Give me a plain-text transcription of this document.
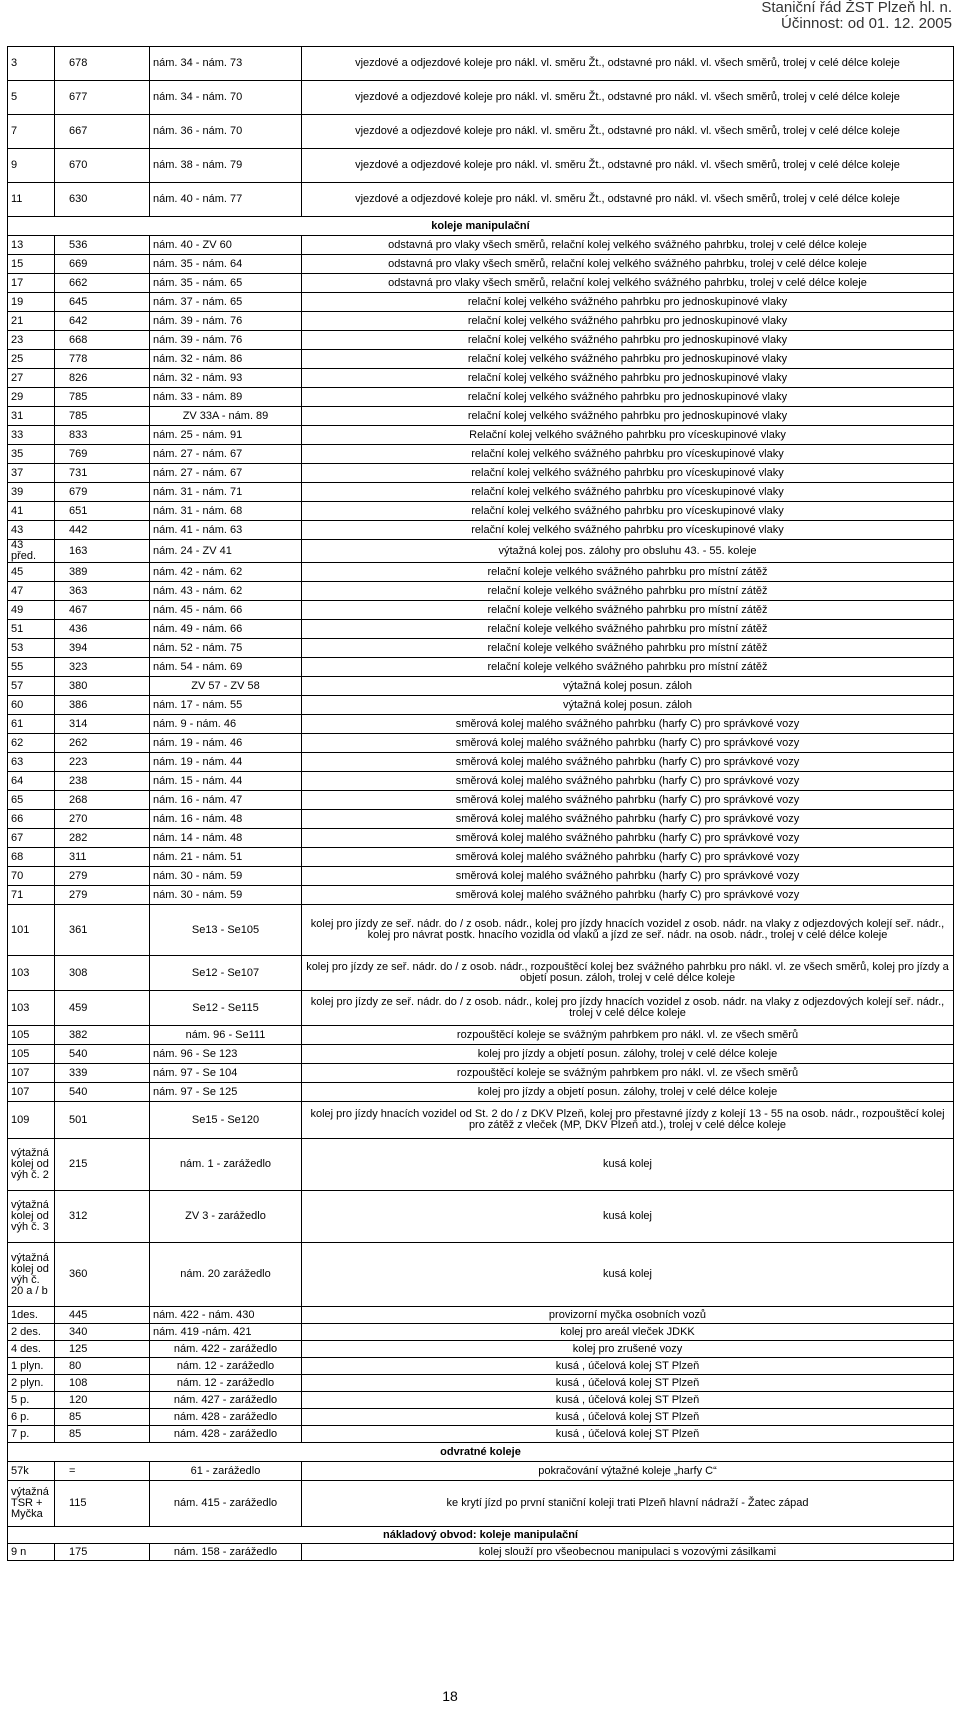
Staniční řád ŽST Plzeň hl. n.
Účinnost: od 01. 12. 2005
3	678	nám. 34 - nám. 73	vjezdové a odjezdové koleje pro nákl. vl. směru Žt., odstavné pro nákl. vl. všech směrů, trolej v celé délce koleje
5	677	nám. 34 - nám. 70	vjezdové a odjezdové koleje pro nákl. vl. směru Žt., odstavné pro nákl. vl. všech směrů, trolej v celé délce koleje
7	667	nám. 36 - nám. 70	vjezdové a odjezdové koleje pro nákl. vl. směru Žt., odstavné pro nákl. vl. všech směrů, trolej v celé délce koleje
9	670	nám. 38 - nám. 79	vjezdové a odjezdové koleje pro nákl. vl. směru Žt., odstavné pro nákl. vl. všech směrů, trolej v celé délce koleje
11	630	nám. 40 - nám. 77	vjezdové a odjezdové koleje pro nákl. vl. směru Žt., odstavné pro nákl. vl. všech směrů, trolej v celé délce koleje
koleje manipulační			
13	536	nám. 40 - ZV 60	odstavná pro vlaky všech směrů, relační kolej velkého svážného pahrbku, trolej v celé délce koleje
15	669	nám. 35 - nám. 64	odstavná pro vlaky všech směrů, relační kolej velkého svážného pahrbku, trolej v celé délce koleje
17	662	nám. 35 - nám. 65	odstavná pro vlaky všech směrů, relační kolej velkého svážného pahrbku, trolej v celé délce koleje
19	645	nám. 37 - nám. 65	relační kolej velkého svážného pahrbku pro jednoskupinové vlaky
21	642	nám. 39 - nám. 76	relační kolej velkého svážného pahrbku pro jednoskupinové vlaky
23	668	nám. 39 - nám. 76	relační kolej velkého svážného pahrbku pro jednoskupinové vlaky
25	778	nám. 32 - nám. 86	relační kolej velkého svážného pahrbku pro jednoskupinové vlaky
27	826	nám. 32 - nám. 93	relační kolej velkého svážného pahrbku pro jednoskupinové vlaky
29	785	nám. 33 - nám. 89	relační kolej velkého svážného pahrbku pro jednoskupinové vlaky
31	785	ZV 33A - nám. 89	relační kolej velkého svážného pahrbku pro jednoskupinové vlaky
33	833	nám. 25 - nám. 91	Relační kolej velkého svážného pahrbku pro víceskupinové vlaky
35	769	nám. 27 - nám. 67	relační kolej velkého svážného pahrbku pro víceskupinové vlaky
37	731	nám. 27 - nám. 67	relační kolej velkého svážného pahrbku pro víceskupinové vlaky
39	679	nám. 31 - nám. 71	relační kolej velkého svážného pahrbku pro víceskupinové vlaky
41	651	nám. 31 - nám. 68	relační kolej velkého svážného pahrbku pro víceskupinové vlaky
43	442	nám. 41 - nám. 63	relační kolej velkého svážného pahrbku pro víceskupinové vlaky
43 před.	163	nám. 24 - ZV 41	výtažná kolej pos. zálohy pro obsluhu 43. - 55. koleje
45	389	nám. 42 - nám. 62	relační koleje velkého svážného pahrbku pro místní zátěž
47	363	nám. 43 - nám. 62	relační koleje velkého svážného pahrbku pro místní zátěž
49	467	nám. 45 - nám. 66	relační koleje velkého svážného pahrbku pro místní zátěž
51	436	nám. 49 - nám. 66	relační koleje velkého svážného pahrbku pro místní zátěž
53	394	nám. 52 - nám. 75	relační koleje velkého svážného pahrbku pro místní zátěž
55	323	nám. 54 - nám. 69	relační koleje velkého svážného pahrbku pro místní zátěž
57	380	ZV 57 - ZV 58	výtažná kolej posun. záloh
60	386	nám. 17 - nám. 55	výtažná kolej posun. záloh
61	314	nám. 9 - nám. 46	směrová kolej malého svážného pahrbku (harfy C) pro správkové vozy
62	262	nám. 19 - nám. 46	směrová kolej malého svážného pahrbku (harfy C) pro správkové vozy
63	223	nám. 19 - nám. 44	směrová kolej malého svážného pahrbku (harfy C) pro správkové vozy
64	238	nám. 15 - nám. 44	směrová kolej malého svážného pahrbku (harfy C) pro správkové vozy
65	268	nám. 16 - nám. 47	směrová kolej malého svážného pahrbku (harfy C) pro správkové vozy
66	270	nám. 16 - nám. 48	směrová kolej malého svážného pahrbku (harfy C) pro správkové vozy
67	282	nám. 14 - nám. 48	směrová kolej malého svážného pahrbku (harfy C) pro správkové vozy
68	311	nám. 21 - nám. 51	směrová kolej malého svážného pahrbku (harfy C) pro správkové vozy
70	279	nám. 30 - nám. 59	směrová kolej malého svážného pahrbku (harfy C) pro správkové vozy
71	279	nám. 30 - nám. 59	směrová kolej malého svážného pahrbku (harfy C) pro správkové vozy
101	361	Se13 - Se105	kolej pro jízdy ze seř. nádr. do / z osob. nádr., kolej pro jízdy hnacích vozidel z osob. nádr. na vlaky z odjezdových kolejí seř. nádr., kolej pro návrat postk. hnacího vozidla od vlaků a jízd ze seř. nádr. na osob. nádr., trolej v celé délce koleje
103	308	Se12 - Se107	kolej pro jízdy ze seř. nádr. do / z osob. nádr., rozpouštěcí kolej bez svážného pahrbku pro nákl. vl. ze všech směrů, kolej pro jízdy a objetí posun. záloh, trolej v celé délce koleje
103	459	Se12 - Se115	kolej pro jízdy ze seř. nádr. do / z osob. nádr., kolej pro jízdy hnacích vozidel z osob. nádr. na vlaky z odjezdových kolejí seř. nádr., trolej v celé délce koleje
105	382	nám. 96 - Se111	rozpouštěcí koleje se svážným pahrbkem pro nákl. vl. ze všech směrů
105	540	nám. 96 - Se 123	kolej pro jízdy a objetí posun. zálohy, trolej v celé délce koleje
107	339	nám. 97 - Se 104	rozpouštěcí koleje se svážným pahrbkem pro nákl. vl. ze všech směrů
107	540	nám. 97 - Se 125	kolej pro jízdy a objetí posun. zálohy, trolej v celé délce koleje
109	501	Se15 - Se120	kolej pro jízdy hnacích vozidel od St. 2 do / z DKV Plzeň, kolej pro přestavné jízdy z kolejí 13 - 55 na osob. nádr., rozpouštěcí kolej pro zátěž z vleček (MP, DKV Plzeň atd.), trolej v celé délce koleje
výtažná kolej od výh č. 2	215	nám. 1 - zarážedlo	kusá kolej
výtažná kolej od výh č. 3	312	ZV 3 - zarážedlo	kusá kolej
výtažná kolej od výh č. 20 a / b	360	nám. 20 zarážedlo	kusá kolej
1des.	445	nám. 422 - nám. 430	provizorní myčka osobních vozů
2 des.	340	nám. 419 -nám. 421	kolej pro areál vleček JDKK
4 des.	125	nám. 422 - zarážedlo	kolej pro zrušené vozy
1 plyn.	80	nám. 12 - zarážedlo	kusá , účelová kolej ST Plzeň
2 plyn.	108	nám. 12 - zarážedlo	kusá , účelová kolej ST Plzeň
5 p.	120	nám. 427 - zarážedlo	kusá , účelová kolej ST Plzeň
6 p.	85	nám. 428 - zarážedlo	kusá , účelová kolej ST Plzeň
7 p.	85	nám. 428 - zarážedlo	kusá , účelová kolej ST Plzeň
odvratné koleje			
57k	=	61 - zarážedlo	pokračování výtažné koleje „harfy C“
výtažná TSR + Myčka	115	nám. 415 - zarážedlo	ke krytí jízd po první staniční koleji trati Plzeň hlavní nádraží - Žatec západ
nákladový obvod: koleje manipulační			
9 n	175	nám. 158 - zarážedlo	kolej slouží pro všeobecnou manipulaci s vozovými zásilkami
18
